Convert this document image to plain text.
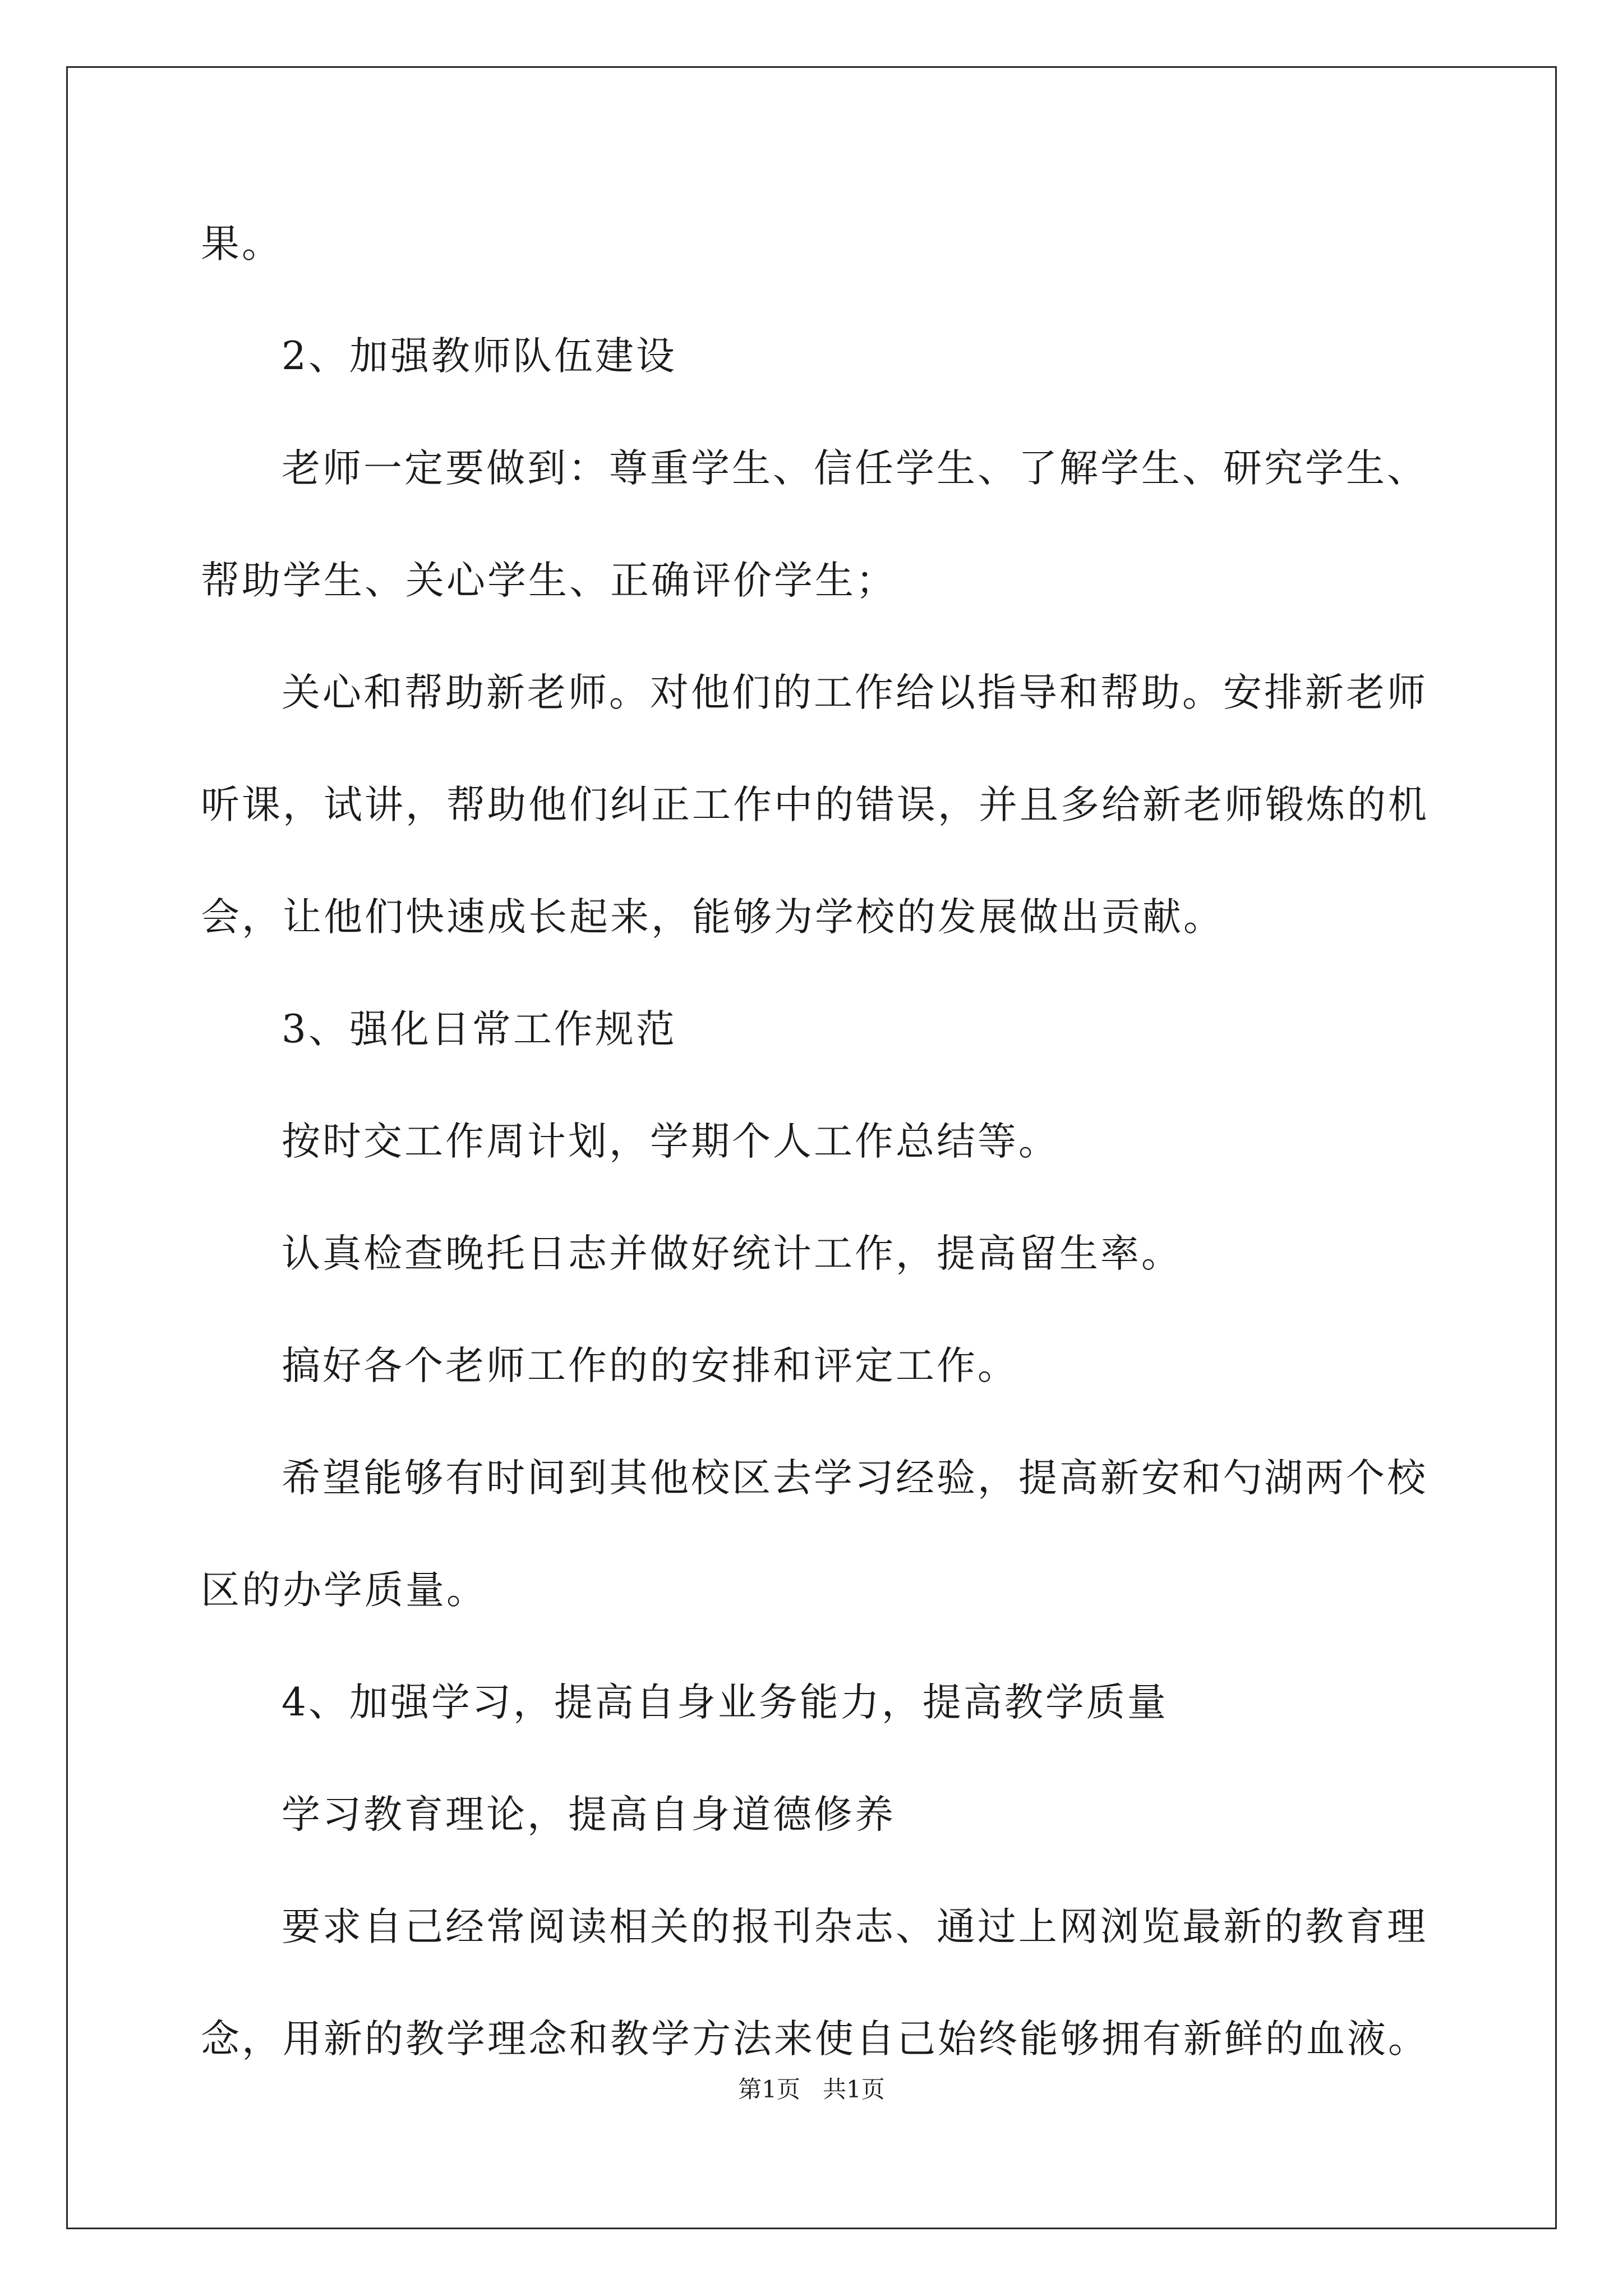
果。
2、加强教师队伍建设
老师一定要做到：尊重学生、信任学生、了解学生、研究学生、
帮助学生、关心学生、正确评价学生；
关心和帮助新老师。对他们的工作给以指导和帮助。安排新老师
听课，试讲，帮助他们纠正工作中的错误，并且多给新老师锻炼的机
会，让他们快速成长起来，能够为学校的发展做出贡献。
3、强化日常工作规范
按时交工作周计划，学期个人工作总结等。
认真检查晚托日志并做好统计工作，提高留生率。
搞好各个老师工作的的安排和评定工作。
希望能够有时间到其他校区去学习经验，提高新安和勺湖两个校
区的办学质量。
4、加强学习，提高自身业务能力，提高教学质量
学习教育理论，提高自身道德修养
要求自己经常阅读相关的报刊杂志、通过上网浏览最新的教育理
念，用新的教学理念和教学方法来使自己始终能够拥有新鲜的血液。
第1页 共1页
